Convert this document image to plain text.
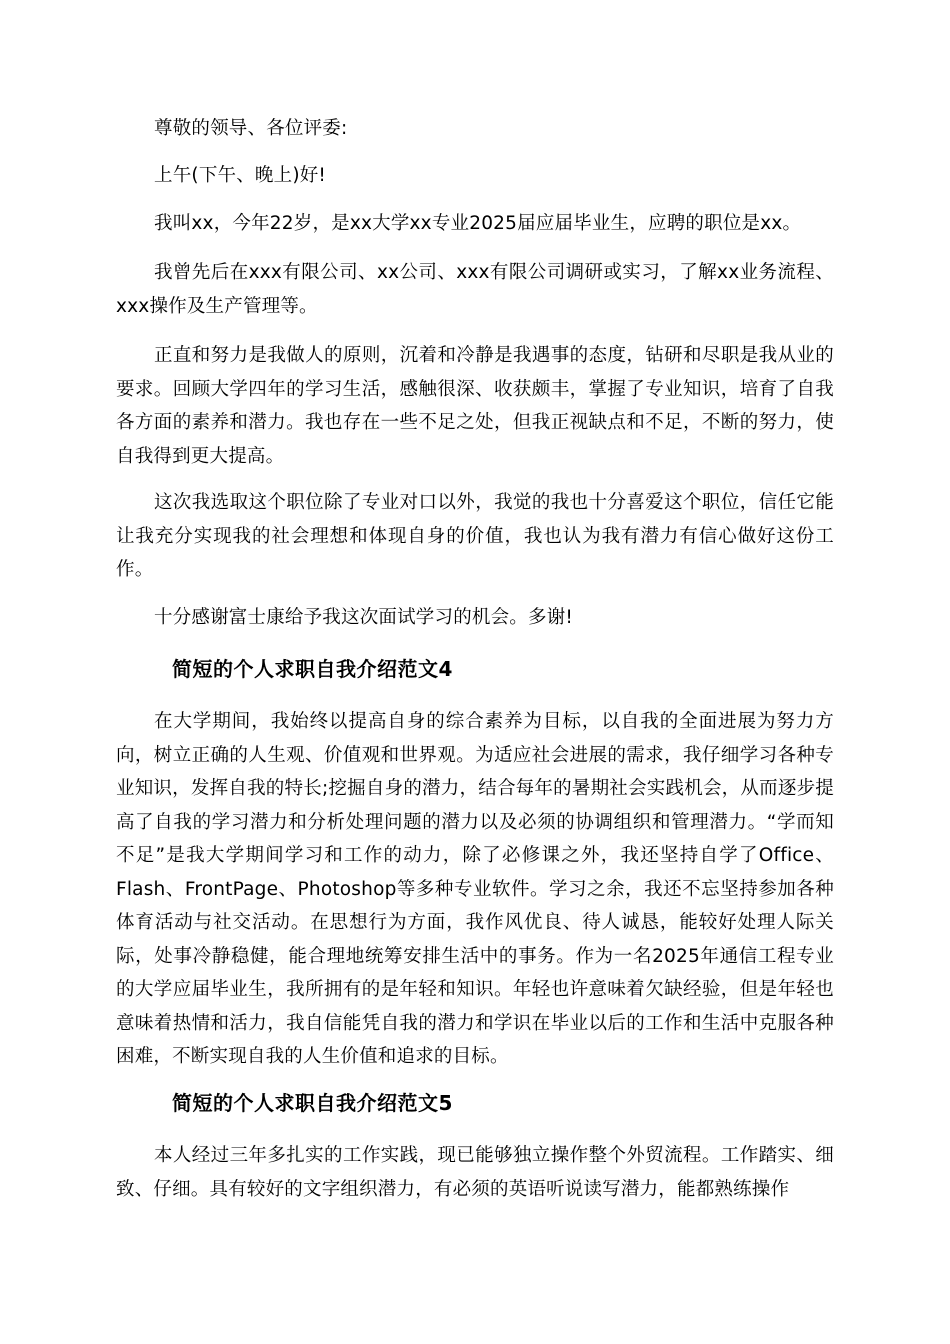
尊敬的领导、各位评委:

上午(下午、晚上)好!

我叫xx，今年22岁，是xx大学xx专业2025届应届毕业生，应聘的职位是xx。

我曾先后在xxx有限公司、xx公司、xxx有限公司调研或实习，了解xx业务流程、xxx操作及生产管理等。

正直和努力是我做人的原则，沉着和冷静是我遇事的态度，钻研和尽职是我从业的要求。回顾大学四年的学习生活，感触很深、收获颇丰，掌握了专业知识，培育了自我各方面的素养和潜力。我也存在一些不足之处，但我正视缺点和不足，不断的努力，使自我得到更大提高。

这次我选取这个职位除了专业对口以外，我觉的我也十分喜爱这个职位，信任它能让我充分实现我的社会理想和体现自身的价值，我也认为我有潜力有信心做好这份工作。

十分感谢富士康给予我这次面试学习的机会。多谢!

简短的个人求职自我介绍范文4

在大学期间，我始终以提高自身的综合素养为目标，以自我的全面进展为努力方向，树立正确的人生观、价值观和世界观。为适应社会进展的需求，我仔细学习各种专业知识，发挥自我的特长;挖掘自身的潜力，结合每年的暑期社会实践机会，从而逐步提高了自我的学习潜力和分析处理问题的潜力以及必须的协调组织和管理潜力。“学而知不足”是我大学期间学习和工作的动力，除了必修课之外，我还坚持自学了Office、Flash、FrontPage、Photoshop等多种专业软件。学习之余，我还不忘坚持参加各种体育活动与社交活动。在思想行为方面，我作风优良、待人诚恳，能较好处理人际关际，处事冷静稳健，能合理地统筹安排生活中的事务。作为一名2025年通信工程专业的大学应届毕业生，我所拥有的是年轻和知识。年轻也许意味着欠缺经验，但是年轻也意味着热情和活力，我自信能凭自我的潜力和学识在毕业以后的工作和生活中克服各种困难，不断实现自我的人生价值和追求的目标。

简短的个人求职自我介绍范文5

本人经过三年多扎实的工作实践，现已能够独立操作整个外贸流程。工作踏实、细致、仔细。具有较好的文字组织潜力，有必须的英语听说读写潜力，能都熟练操作
